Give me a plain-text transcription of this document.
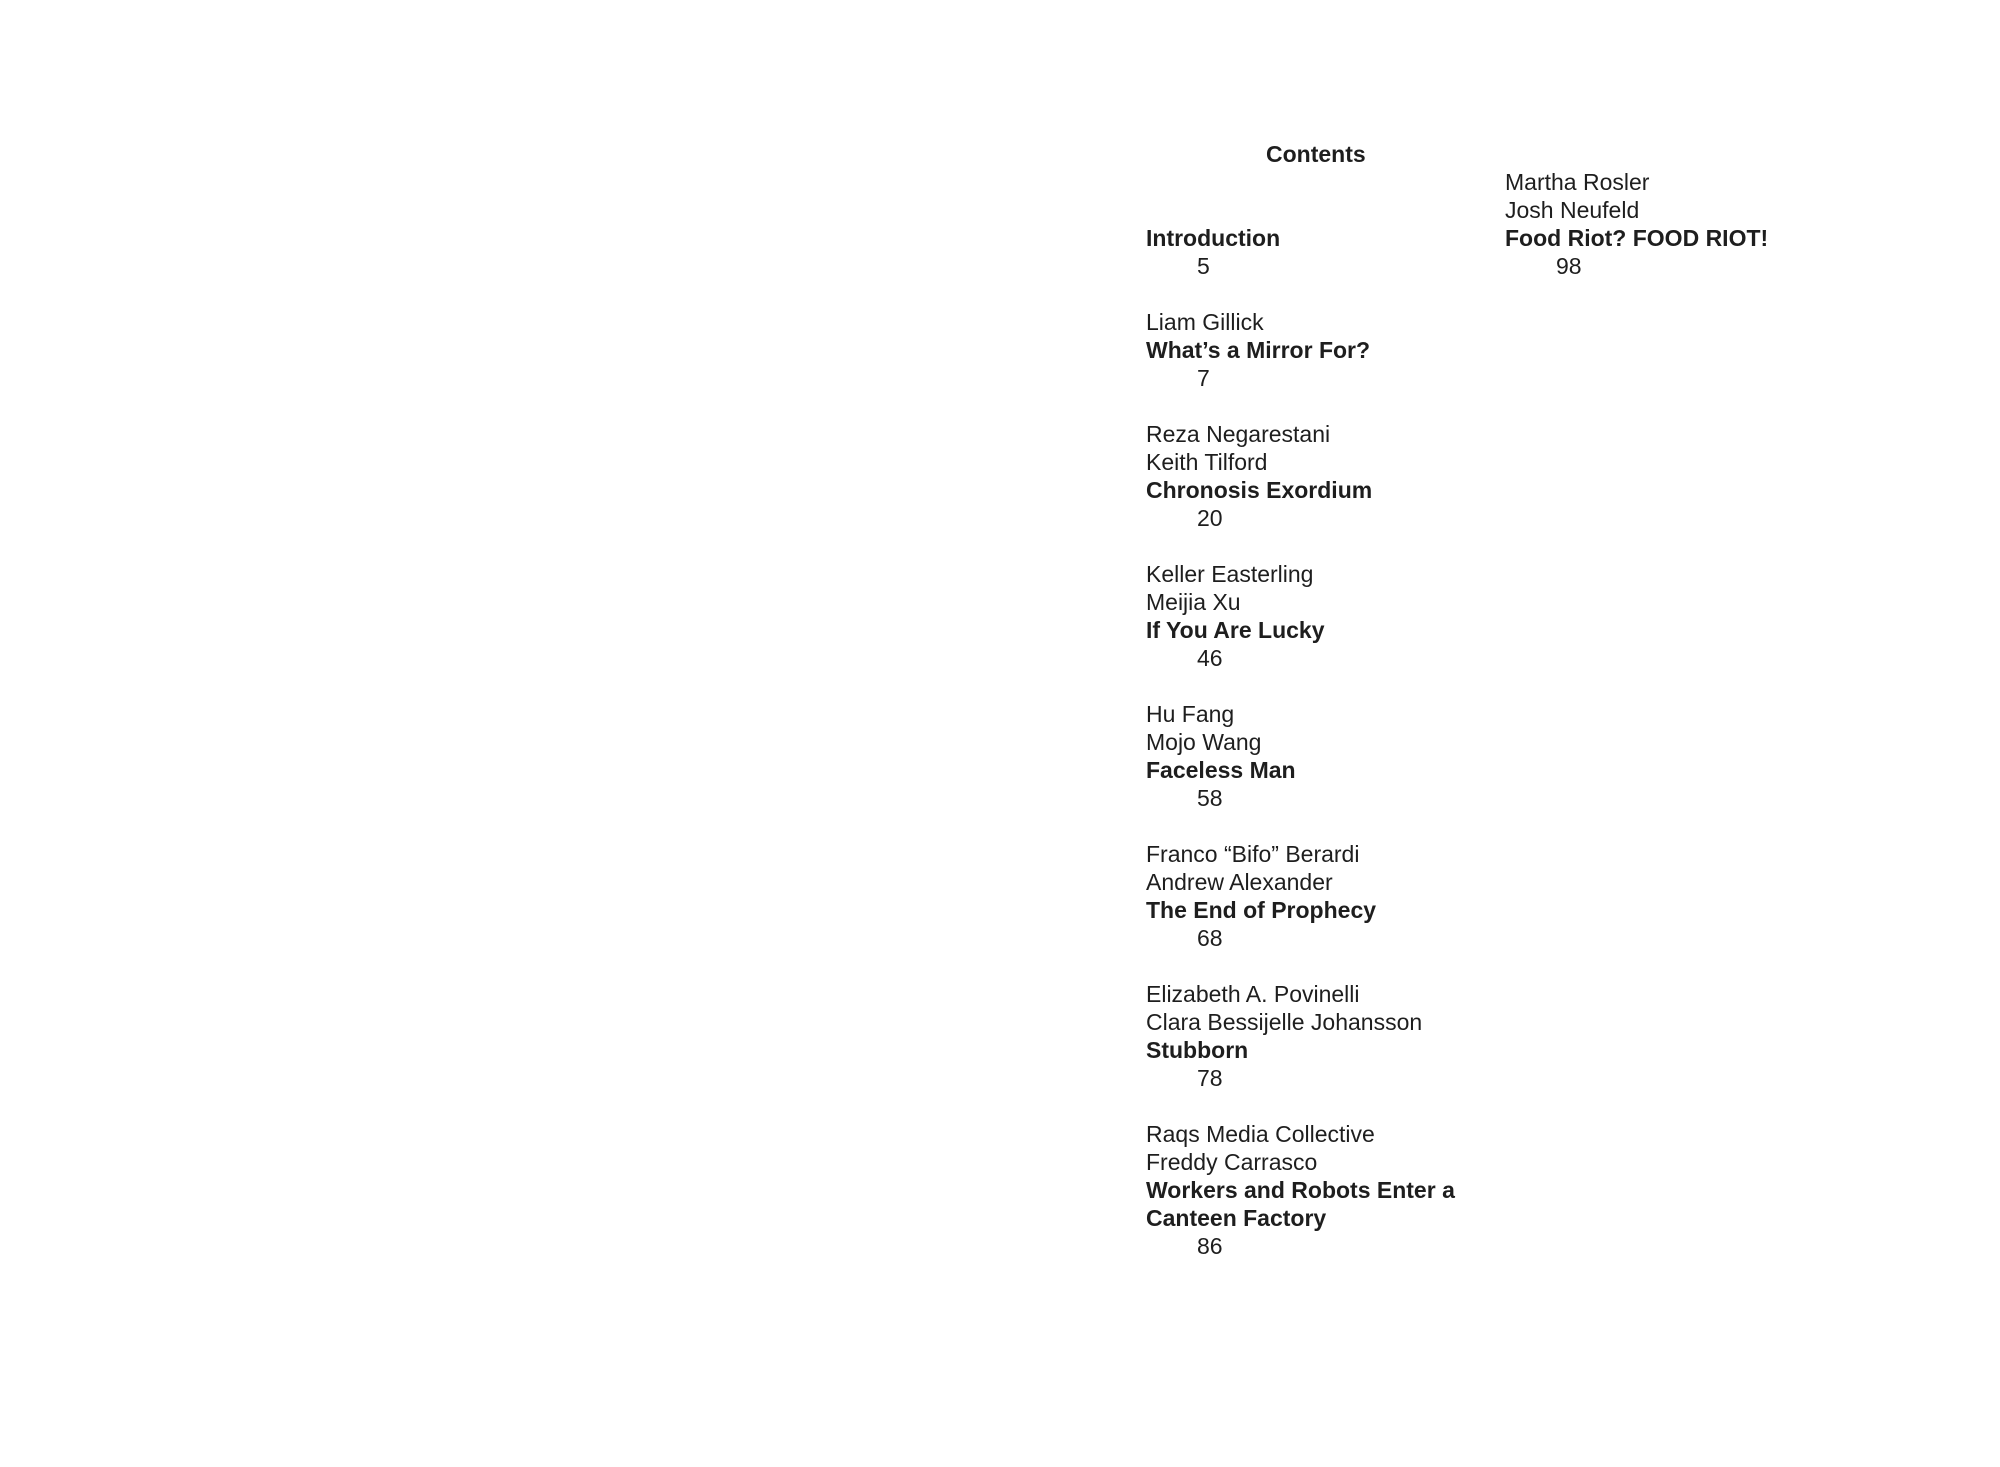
Contents
Introduction
5
Liam Gillick
What’s a Mirror For?
7
Reza Negarestani
Keith Tilford
Chronosis Exordium
20
Keller Easterling
Meijia Xu
If You Are Lucky
46
Hu Fang
Mojo Wang
Faceless Man
58
Franco “Bifo” Berardi
Andrew Alexander
The End of Prophecy
68
Elizabeth A. Povinelli
Clara Bessijelle Johansson
Stubborn
78
Raqs Media Collective
Freddy Carrasco
Workers and Robots Enter a Canteen Factory
86
Martha Rosler
Josh Neufeld
Food Riot? FOOD RIOT!
98
